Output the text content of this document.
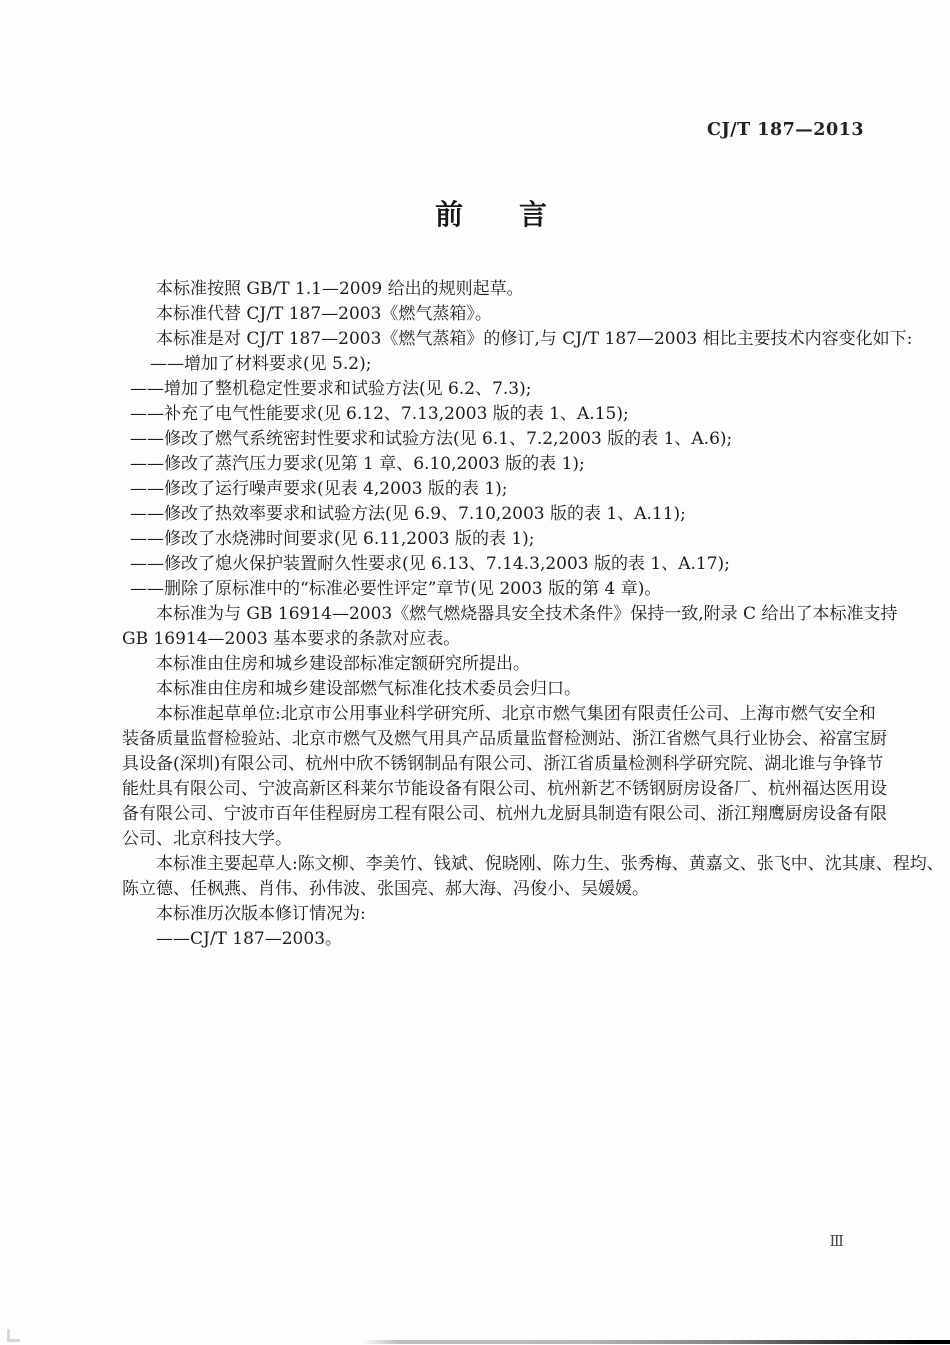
CJ/T 187—2013
前　　言
本标准按照 GB/T 1.1—2009 给出的规则起草。
本标准代替 CJ/T 187—2003《燃气蒸箱》。
本标准是对 CJ/T 187—2003《燃气蒸箱》的修订,与 CJ/T 187—2003 相比主要技术内容变化如下:
——增加了材料要求(见 5.2);
——增加了整机稳定性要求和试验方法(见 6.2、7.3);
——补充了电气性能要求(见 6.12、7.13,2003 版的表 1、A.15);
——修改了燃气系统密封性要求和试验方法(见 6.1、7.2,2003 版的表 1、A.6);
——修改了蒸汽压力要求(见第 1 章、6.10,2003 版的表 1);
——修改了运行噪声要求(见表 4,2003 版的表 1);
——修改了热效率要求和试验方法(见 6.9、7.10,2003 版的表 1、A.11);
——修改了水烧沸时间要求(见 6.11,2003 版的表 1);
——修改了熄火保护装置耐久性要求(见 6.13、7.14.3,2003 版的表 1、A.17);
——删除了原标准中的“标准必要性评定”章节(见 2003 版的第 4 章)。
本标准为与 GB 16914—2003《燃气燃烧器具安全技术条件》保持一致,附录 C 给出了本标准支持
GB 16914—2003 基本要求的条款对应表。
本标准由住房和城乡建设部标准定额研究所提出。
本标准由住房和城乡建设部燃气标准化技术委员会归口。
本标准起草单位:北京市公用事业科学研究所、北京市燃气集团有限责任公司、上海市燃气安全和
装备质量监督检验站、北京市燃气及燃气用具产品质量监督检测站、浙江省燃气具行业协会、裕富宝厨
具设备(深圳)有限公司、杭州中欣不锈钢制品有限公司、浙江省质量检测科学研究院、湖北谁与争锋节
能灶具有限公司、宁波高新区科莱尔节能设备有限公司、杭州新艺不锈钢厨房设备厂、杭州福达医用设
备有限公司、宁波市百年佳程厨房工程有限公司、杭州九龙厨具制造有限公司、浙江翔鹰厨房设备有限
公司、北京科技大学。
本标准主要起草人:陈文柳、李美竹、钱斌、倪晓刚、陈力生、张秀梅、黄嘉文、张飞中、沈其康、程均、
陈立德、任枫燕、肖伟、孙伟波、张国亮、郝大海、冯俊小、吴媛媛。
本标准历次版本修订情况为:
——CJ/T 187—2003。
Ⅲ
